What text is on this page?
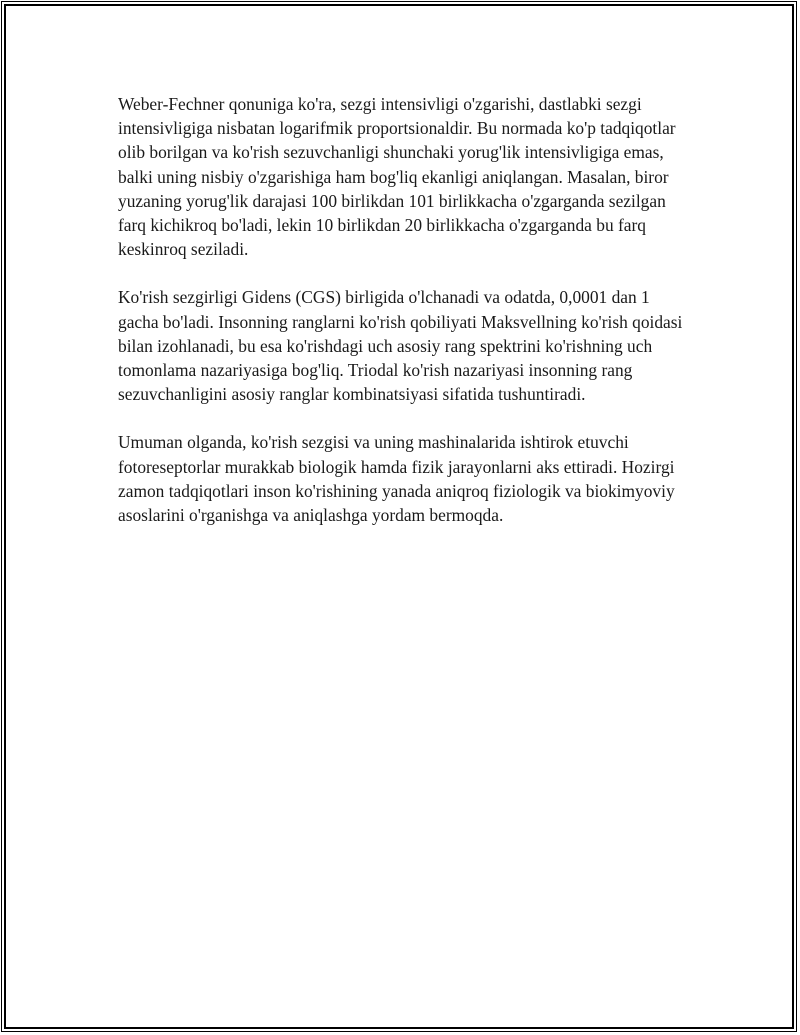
Weber-Fechner qonuniga ko'ra, sezgi intensivligi o'zgarishi, dastlabki sezgi intensivligiga nisbatan logarifmik proportsionaldir. Bu normada ko'p tadqiqotlar olib borilgan va ko'rish sezuvchanligi shunchaki yorug'lik intensivligiga emas, balki uning nisbiy o'zgarishiga ham bog'liq ekanligi aniqlangan. Masalan, biror yuzaning yorug'lik darajasi 100 birlikdan 101 birlikkacha o'zgarganda sezilgan farq kichikroq bo'ladi, lekin 10 birlikdan 20 birlikkacha o'zgarganda bu farq keskinroq seziladi.

Ko'rish sezgirligi Gidens (CGS) birligida o'lchanadi va odatda, 0,0001 dan 1 gacha bo'ladi. Insonning ranglarni ko'rish qobiliyati Maksvellning ko'rish qoidasi bilan izohlanadi, bu esa ko'rishdagi uch asosiy rang spektrini ko'rishning uch tomonlama nazariyasiga bog'liq. Triodal ko'rish nazariyasi insonning rang sezuvchanligini asosiy ranglar kombinatsiyasi sifatida tushuntiradi.

Umuman olganda, ko'rish sezgisi va uning mashinalarida ishtirok etuvchi fotoreseptorlar murakkab biologik hamda fizik jarayonlarni aks ettiradi. Hozirgi zamon tadqiqotlari inson ko'rishining yanada aniqroq fiziologik va biokimyoviy asoslarini o'rganishga va aniqlashga yordam bermoqda.
